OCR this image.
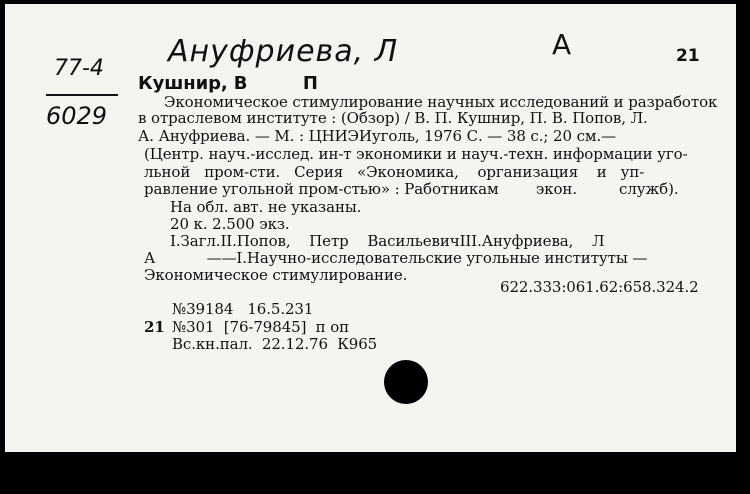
Ануфриева, Л	А
77-4
6029
21
Кушнир, В         П
Экономическое стимулирование научных исследований и разработок
в отраслевом институте : (Обзор) / В. П. Кушнир, П. В. Попов, Л.
А. Ануфриева. — М. : ЦНИЭИуголь, 1976 С. — 38 с.; 20 см.—
(Центр. науч.-исслед. ин-т экономики и науч.-техн. информации уго-
льной   пром-сти.   Серия   «Экономика,    организация    и   уп-
равление угольной пром-стью» : Работникам        экон.         служб).
На обл. авт. не указаны.
20 к. 2.500 экз.
I.Загл.II.Попов,    Петр    ВасильевичIII.Ануфриева,    Л
А           ——I.Научно-исследовательские угольные институты —
Экономическое стимулирование.
622.333:061.62:658.324.2
№39184   16.5.231
21 №301  [76-79845]  п оп
Вс.кн.пал.  22.12.76  К965
